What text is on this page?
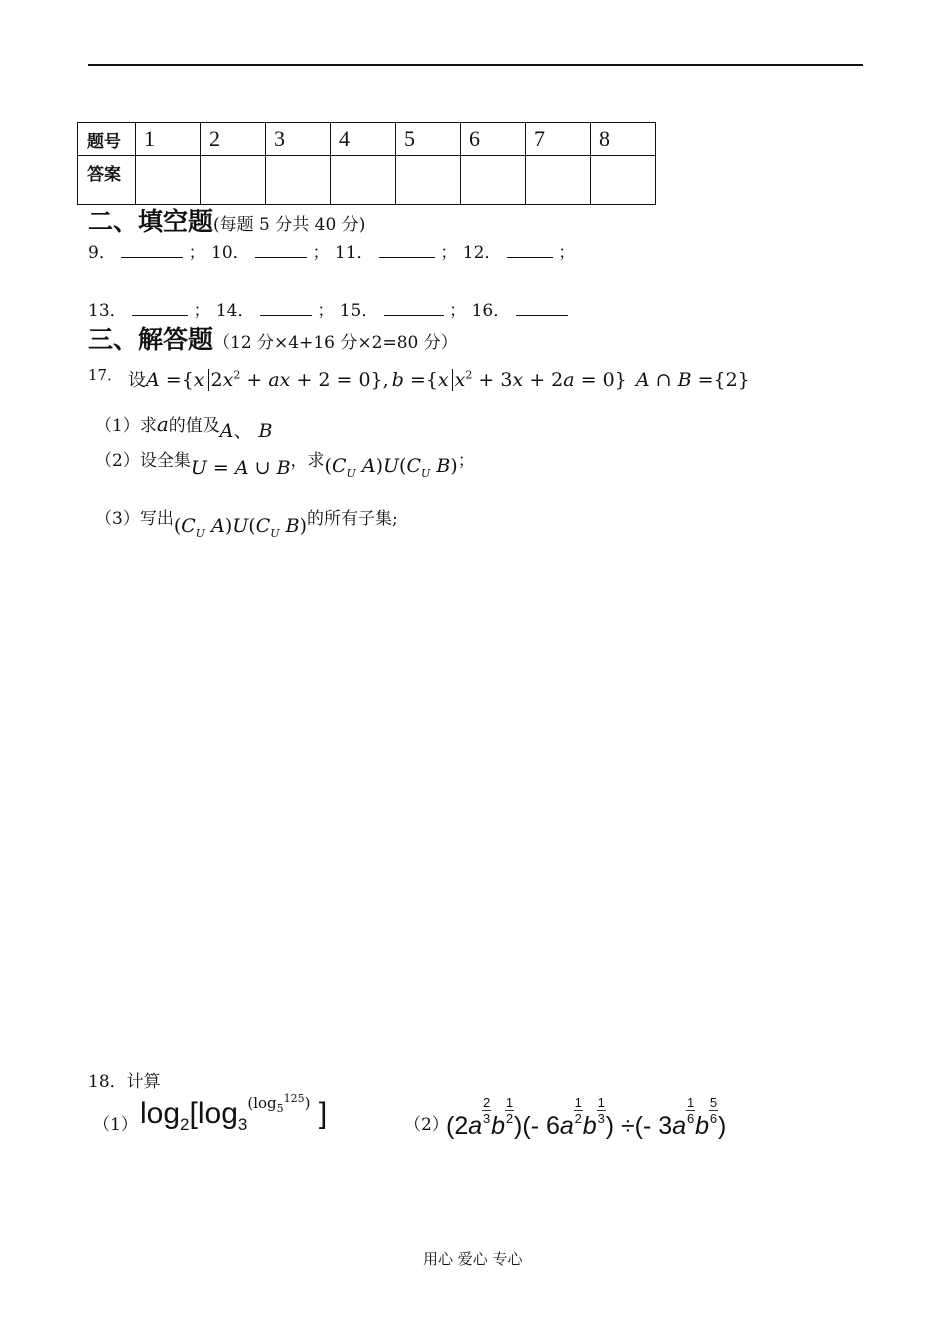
题号	1	2	3	4	5	6	7	8
答案								
二、填空题(每题 5 分共 40 分)
9．	； 10．	； 11．	； 12．	；
13．	； 14．	； 15．	； 16．
三、解答题（12 分×4+16 分×2=80 分）
17． 设A ={x $2x^2$ + ax + 2 = 0}, b ={x $x^2 + 3x + 2a = 0$} A ∩ B ={2}
（1）求a的值及A、 B
（2）设全集U = A ∪ B，求($C_U$ $A)U(C_U$ B)；
（3）写出($C_U$ $A)U(C_U$ B)的所有子集;
18．计算
（1） $\log_2[\log_3^{(log_5^{125})}$ ]	（2）
(2a
$\frac{2}{3}$
b
$\frac{1}{2}$
)(- 6a
$\frac{1}{2}$
b
$\frac{1}{3}$
) ÷(- 3a
$\frac{1}{6}$
b
$\frac{5}{6}$
)
用心 爱心 专心
